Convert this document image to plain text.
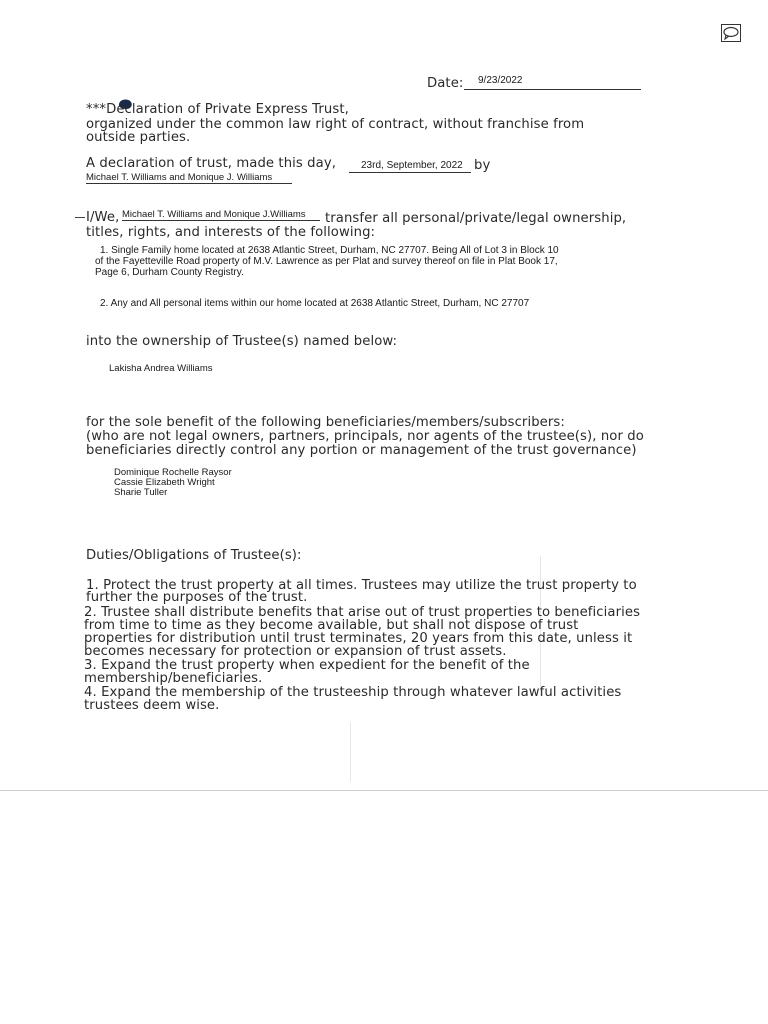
Date: 9/23/2022
***Declaration of Private Express Trust,
organized under the common law right of contract, without franchise from
outside parties.
A declaration of trust, made this day,	23rd, September, 2022 by
Michael T. Williams and Monique J. Williams
I/We, Michael T. Williams and Monique J.Williams	transfer all personal/private/legal ownership,
titles, rights, and interests of the following:
1. Single Family home located at 2638 Atlantic Street, Durham, NC 27707. Being All of Lot 3 in Block 10
of the Fayetteville Road property of M.V. Lawrence as per Plat and survey thereof on file in Plat Book 17,
Page 6, Durham County Registry.
2. Any and All personal items within our home located at 2638 Atlantic Street, Durham, NC 27707
into the ownership of Trustee(s) named below:
Lakisha Andrea Williams
for the sole benefit of the following beneficiaries/members/subscribers:
(who are not legal owners, partners, principals, nor agents of the trustee(s), nor do
beneficiaries directly control any portion or management of the trust governance)
Dominique Rochelle Raysor
Cassie Elizabeth Wright
Sharie Tuller
Duties/Obligations of Trustee(s):
1. Protect the trust property at all times. Trustees may utilize the trust property to
further the purposes of the trust.
2. Trustee shall distribute benefits that arise out of trust properties to beneficiaries
from time to time as they become available, but shall not dispose of trust
properties for distribution until trust terminates, 20 years from this date, unless it
becomes necessary for protection or expansion of trust assets.
3. Expand the trust property when expedient for the benefit of the
membership/beneficiaries.
4. Expand the membership of the trusteeship through whatever lawful activities
trustees deem wise.
